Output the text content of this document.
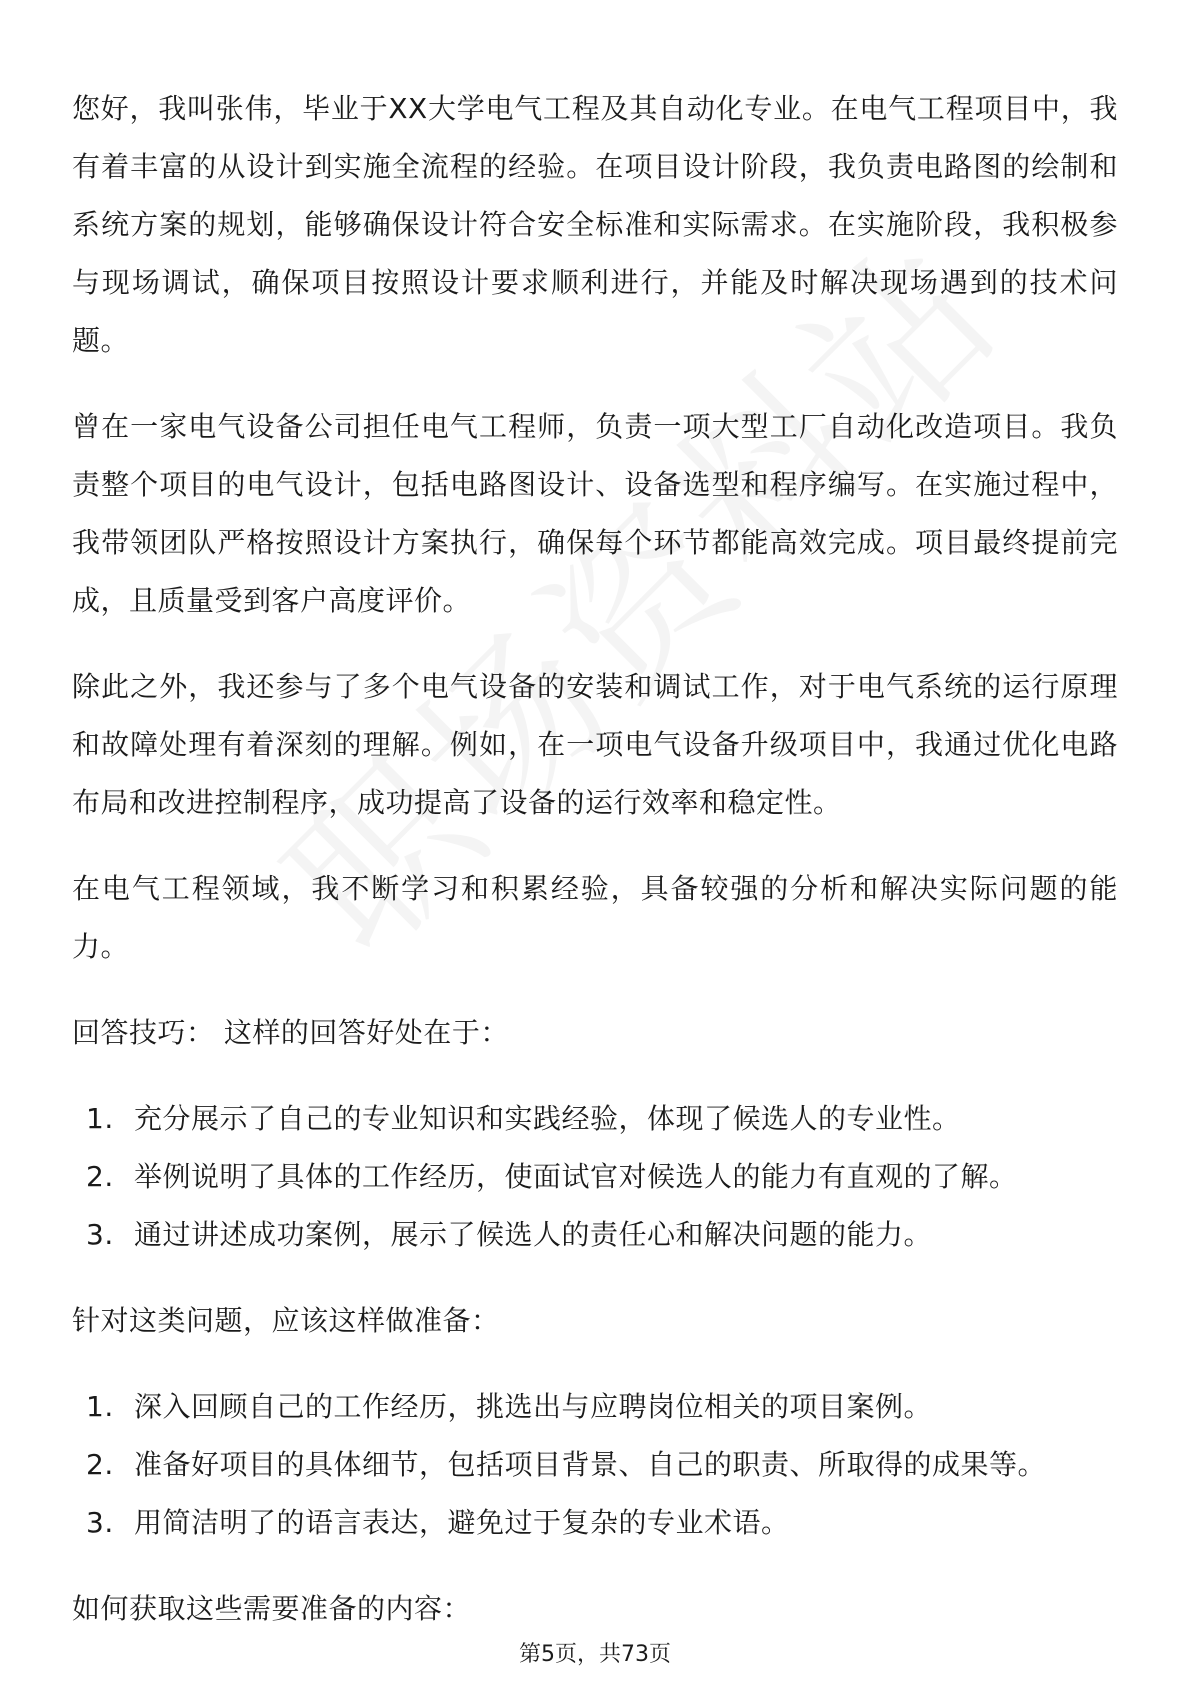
您好，我叫张伟，毕业于XX大学电气工程及其自动化专业。在电气工程项目中，我有着丰富的从设计到实施全流程的经验。在项目设计阶段，我负责电路图的绘制和系统方案的规划，能够确保设计符合安全标准和实际需求。在实施阶段，我积极参与现场调试，确保项目按照设计要求顺利进行，并能及时解决现场遇到的技术问题。

曾在一家电气设备公司担任电气工程师，负责一项大型工厂自动化改造项目。我负责整个项目的电气设计，包括电路图设计、设备选型和程序编写。在实施过程中，我带领团队严格按照设计方案执行，确保每个环节都能高效完成。项目最终提前完成，且质量受到客户高度评价。

除此之外，我还参与了多个电气设备的安装和调试工作，对于电气系统的运行原理和故障处理有着深刻的理解。例如，在一项电气设备升级项目中，我通过优化电路布局和改进控制程序，成功提高了设备的运行效率和稳定性。

在电气工程领域，我不断学习和积累经验，具备较强的分析和解决实际问题的能力。

回答技巧： 这样的回答好处在于：

1. 充分展示了自己的专业知识和实践经验，体现了候选人的专业性。
2. 举例说明了具体的工作经历，使面试官对候选人的能力有直观的了解。
3. 通过讲述成功案例，展示了候选人的责任心和解决问题的能力。

针对这类问题，应该这样做准备：

1. 深入回顾自己的工作经历，挑选出与应聘岗位相关的项目案例。
2. 准备好项目的具体细节，包括项目背景、自己的职责、所取得的成果等。
3. 用简洁明了的语言表达，避免过于复杂的专业术语。

如何获取这些需要准备的内容：

第5页，共73页
